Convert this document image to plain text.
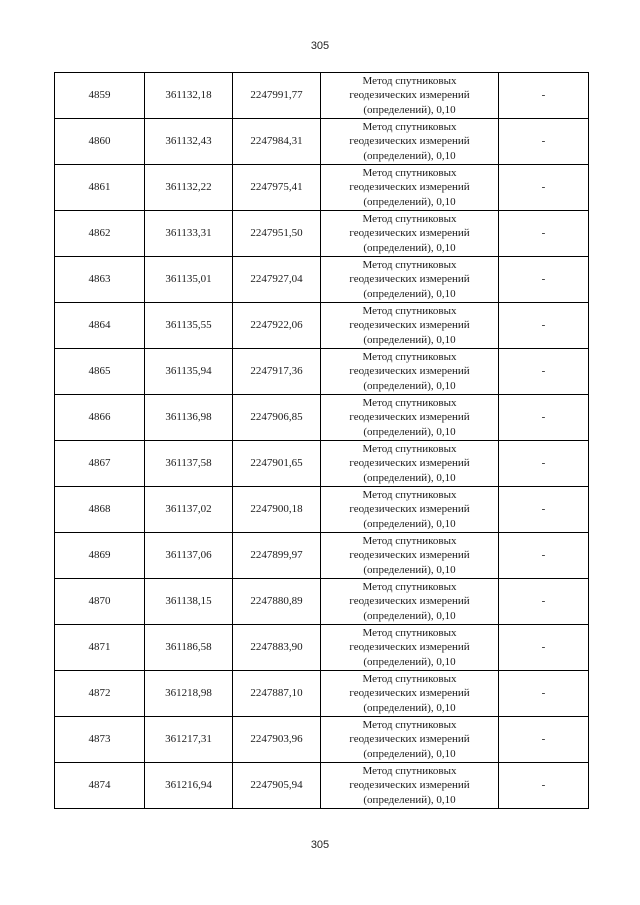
305
4859	361132,18	2247991,77	Метод спутниковых
геодезических измерений
(определений), 0,10	-
4860	361132,43	2247984,31	Метод спутниковых
геодезических измерений
(определений), 0,10	-
4861	361132,22	2247975,41	Метод спутниковых
геодезических измерений
(определений), 0,10	-
4862	361133,31	2247951,50	Метод спутниковых
геодезических измерений
(определений), 0,10	-
4863	361135,01	2247927,04	Метод спутниковых
геодезических измерений
(определений), 0,10	-
4864	361135,55	2247922,06	Метод спутниковых
геодезических измерений
(определений), 0,10	-
4865	361135,94	2247917,36	Метод спутниковых
геодезических измерений
(определений), 0,10	-
4866	361136,98	2247906,85	Метод спутниковых
геодезических измерений
(определений), 0,10	-
4867	361137,58	2247901,65	Метод спутниковых
геодезических измерений
(определений), 0,10	-
4868	361137,02	2247900,18	Метод спутниковых
геодезических измерений
(определений), 0,10	-
4869	361137,06	2247899,97	Метод спутниковых
геодезических измерений
(определений), 0,10	-
4870	361138,15	2247880,89	Метод спутниковых
геодезических измерений
(определений), 0,10	-
4871	361186,58	2247883,90	Метод спутниковых
геодезических измерений
(определений), 0,10	-
4872	361218,98	2247887,10	Метод спутниковых
геодезических измерений
(определений), 0,10	-
4873	361217,31	2247903,96	Метод спутниковых
геодезических измерений
(определений), 0,10	-
4874	361216,94	2247905,94	Метод спутниковых
геодезических измерений
(определений), 0,10	-
305
